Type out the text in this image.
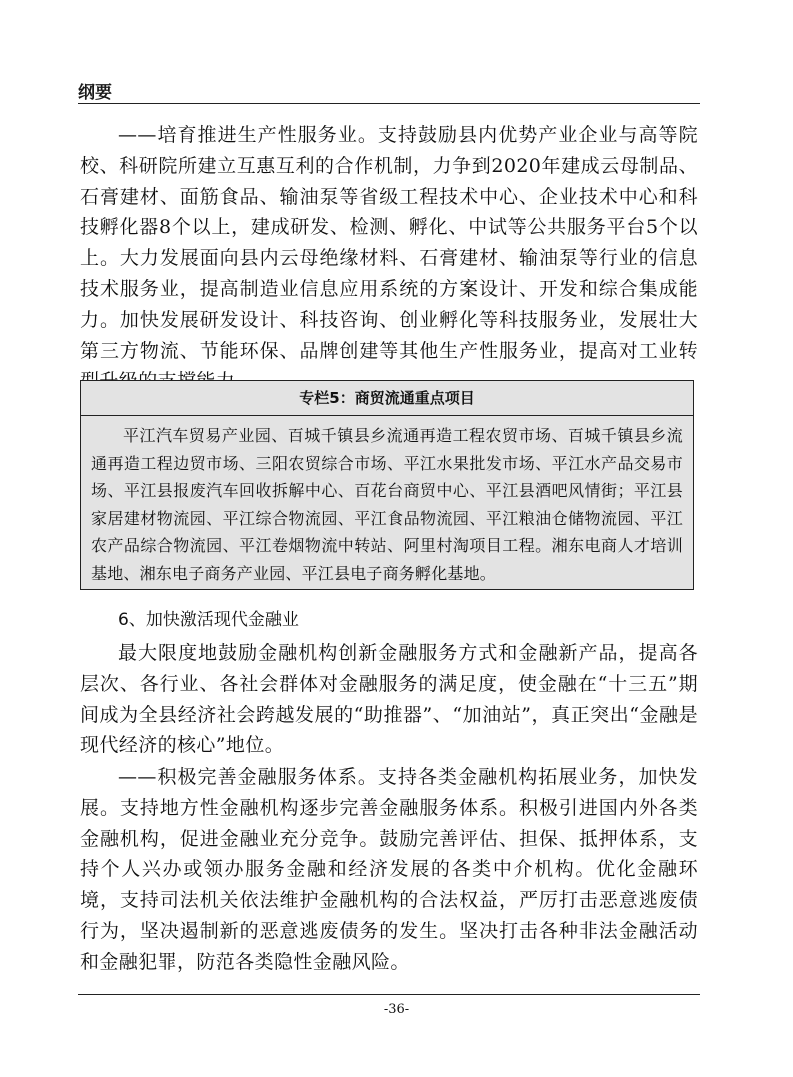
纲要

——培育推进生产性服务业。支持鼓励县内优势产业企业与高等院校、科研院所建立互惠互利的合作机制，力争到2020年建成云母制品、石膏建材、面筋食品、输油泵等省级工程技术中心、企业技术中心和科技孵化器8个以上，建成研发、检测、孵化、中试等公共服务平台5个以上。大力发展面向县内云母绝缘材料、石膏建材、输油泵等行业的信息技术服务业，提高制造业信息应用系统的方案设计、开发和综合集成能力。加快发展研发设计、科技咨询、创业孵化等科技服务业，发展壮大第三方物流、节能环保、品牌创建等其他生产性服务业，提高对工业转

专栏5：商贸流通重点项目
平江汽车贸易产业园、百城千镇县乡流通再造工程农贸市场、百城千镇县乡流通再造工程边贸市场、三阳农贸综合市场、平江水果批发市场、平江水产品交易市场、平江县报废汽车回收拆解中心、百花台商贸中心、平江县酒吧风情街；平江县家居建材物流园、平江综合物流园、平江食品物流园、平江粮油仓储物流园、平江农产品综合物流园、平江卷烟物流中转站、阿里村淘项目工程。湘东电商人才培训基地、湘东电子商务产业园、平江县电子商务孵化基地。
6、加快激活现代金融业

最大限度地鼓励金融机构创新金融服务方式和金融新产品，提高各层次、各行业、各社会群体对金融服务的满足度，使金融在“十三五”期间成为全县经济社会跨越发展的“助推器”、“加油站”，真正突出“金融是现代经济的核心”地位。

——积极完善金融服务体系。支持各类金融机构拓展业务，加快发展。支持地方性金融机构逐步完善金融服务体系。积极引进国内外各类金融机构，促进金融业充分竞争。鼓励完善评估、担保、抵押体系，支持个人兴办或领办服务金融和经济发展的各类中介机构。优化金融环境，支持司法机关依法维护金融机构的合法权益，严厉打击恶意逃废债行为，坚决遏制新的恶意逃废债务的发生。坚决打击各种非法金融活动和金融犯罪，防范各类隐性金融风险。

-36-
